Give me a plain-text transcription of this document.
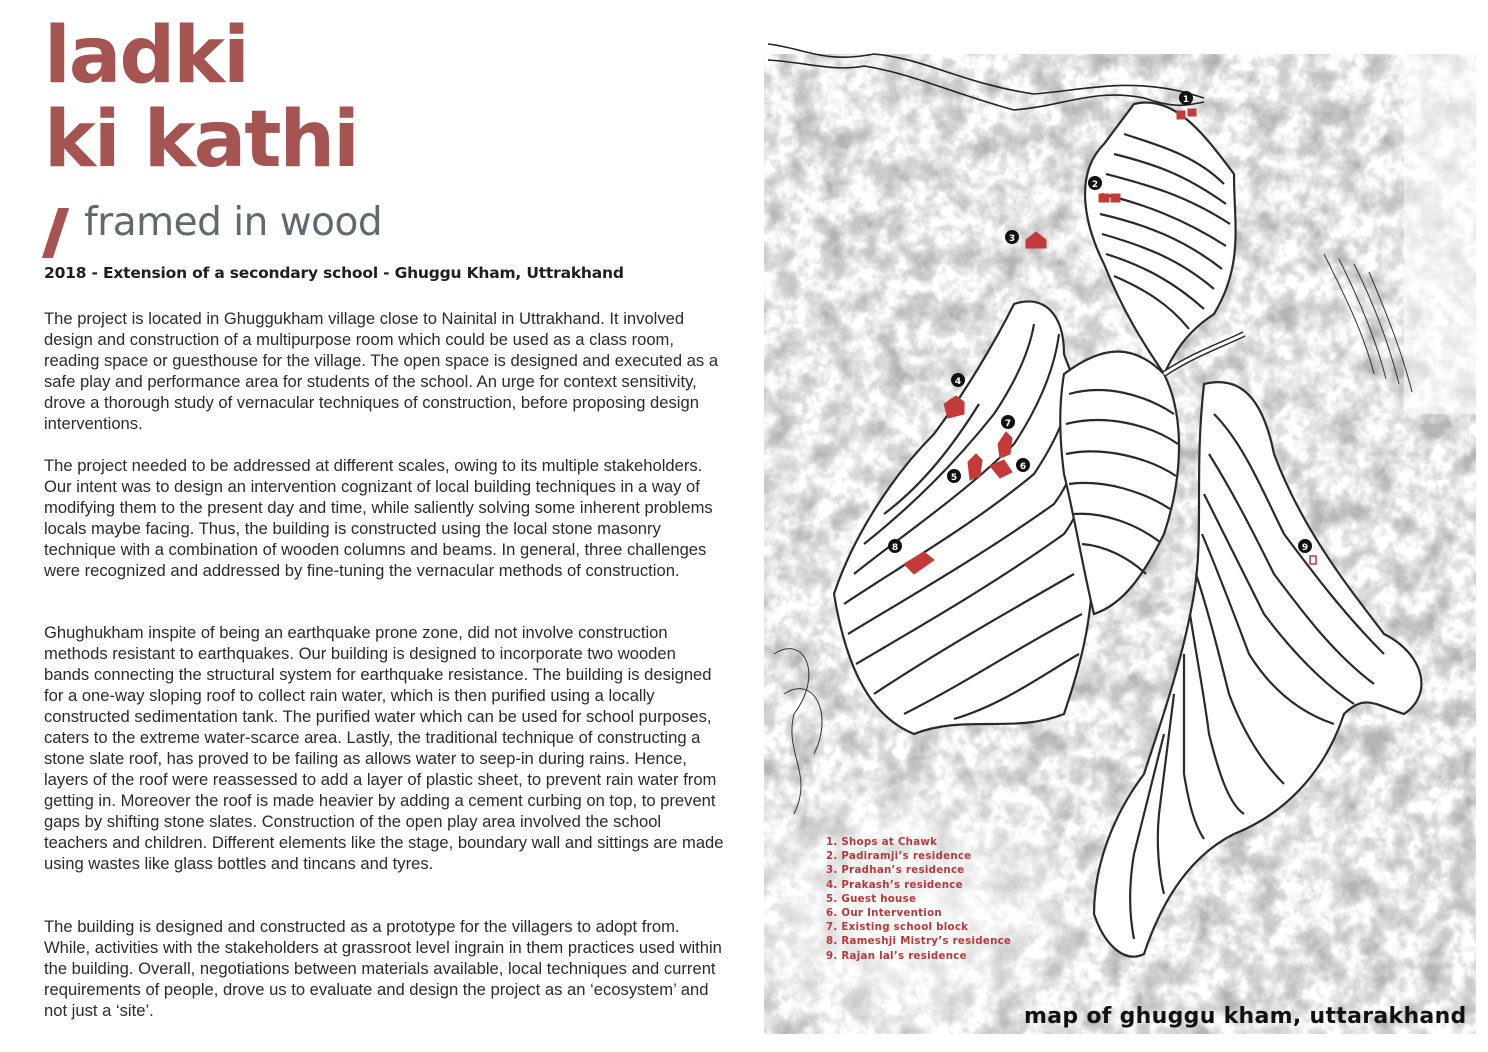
ladki
ki kathi
framed in wood
2018 - Extension of a secondary school - Ghuggu Kham, Uttrakhand
The project is located in Ghuggukham village close to Nainital in Uttrakhand. It involved design and construction of a multipurpose room which could be used as a class room, reading space or guesthouse for the village. The open space is designed and executed as a safe play and performance area for students of the school. An urge for context sensitivity, drove a thorough study of vernacular techniques of construction, before proposing design interventions.
The project needed to be addressed at different scales, owing to its multiple stakeholders. Our intent was to design an intervention cognizant of local building techniques in a way of modifying them to the present day and time, while saliently solving some inherent problems locals maybe facing. Thus, the building is constructed using the local stone masonry technique with a combination of wooden columns and beams. In general, three challenges were recognized and addressed by fine-tuning the vernacular methods of construction.
Ghughukham inspite of being an earthquake prone zone, did not involve construction methods resistant to earthquakes. Our building is designed to incorporate two wooden bands connecting the structural system for earthquake resistance. The building is designed for a one-way sloping roof to collect rain water, which is then purified using a locally constructed sedimentation tank. The purified water which can be used for school purposes, caters to the extreme water-scarce area. Lastly, the traditional technique of constructing a stone slate roof, has proved to be failing as allows water to seep-in during rains. Hence, layers of the roof were reassessed to add a layer of plastic sheet, to prevent rain water from getting in. Moreover the roof is made heavier by adding a cement curbing on top, to prevent gaps by shifting stone slates. Construction of the open play area involved the school teachers and children. Different elements like the stage, boundary wall and sittings are made using wastes like glass bottles and tincans and tyres.
The building is designed and constructed as a prototype for the villagers to adopt from. While, activities with the stakeholders at grassroot level ingrain in them practices used within the building. Overall, negotiations between materials available, local techniques and current requirements of people, drove us to evaluate and design the project as an ‘ecosystem’ and not just a ‘site’.
1
2
3
4
5
6
7
8	9
1. Shops at Chawk
2. Padiramji’s residence
3. Pradhan’s residence
4. Prakash’s residence
5. Guest house
6. Our Intervention
7. Existing school block
8. Rameshji Mistry’s residence
9. Rajan lal’s residence
map of ghuggu kham, uttarakhand
